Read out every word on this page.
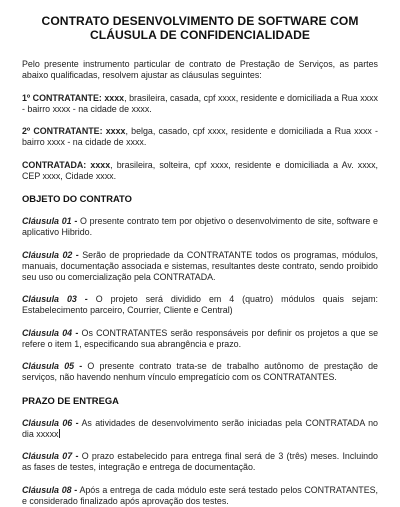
CONTRATO DESENVOLVIMENTO DE SOFTWARE COM
CLÁUSULA DE CONFIDENCIALIDADE

Pelo presente instrumento particular de contrato de Prestação de Serviços, as partes abaixo qualificadas, resolvem ajustar as cláusulas seguintes:

1º CONTRATANTE: xxxx, brasileira, casada, cpf xxxx, residente e domiciliada a Rua xxxx - bairro xxxx - na cidade de xxxx.

2º CONTRATANTE: xxxx, belga, casado, cpf xxxx, residente e domiciliada a Rua xxxx - bairro xxxx - na cidade de xxxx.

CONTRATADA: xxxx, brasileira, solteira, cpf xxxx, residente e domiciliada a Av. xxxx, CEP xxxx, Cidade xxxx.

OBJETO DO CONTRATO

Cláusula 01 - O presente contrato tem por objetivo o desenvolvimento de site, software e aplicativo Hibrido.

Cláusula 02 - Serão de propriedade da CONTRATANTE todos os programas, módulos, manuais, documentação associada e sistemas, resultantes deste contrato, sendo proibido seu uso ou comercialização pela CONTRATADA.

Cláusula 03 - O projeto será dividido em 4 (quatro) módulos quais sejam: Estabelecimento parceiro, Courrier, Cliente e Central)

Cláusula 04 - Os CONTRATANTES serão responsáveis por definir os projetos a que se refere o item 1, especificando sua abrangência e prazo.

Cláusula 05 - O presente contrato trata-se de trabalho autônomo de prestação de serviços, não havendo nenhum vínculo empregatício com os CONTRATANTES.

PRAZO DE ENTREGA

Cláusula 06 - As atividades de desenvolvimento serão iniciadas pela CONTRATADA no dia xxxxx

Cláusula 07 - O prazo estabelecido para entrega final será de 3 (três) meses. Incluindo as fases de testes, integração e entrega de documentação.

Cláusula 08 - Após a entrega de cada módulo este será testado pelos CONTRATANTES, e considerado finalizado após aprovação dos testes.
